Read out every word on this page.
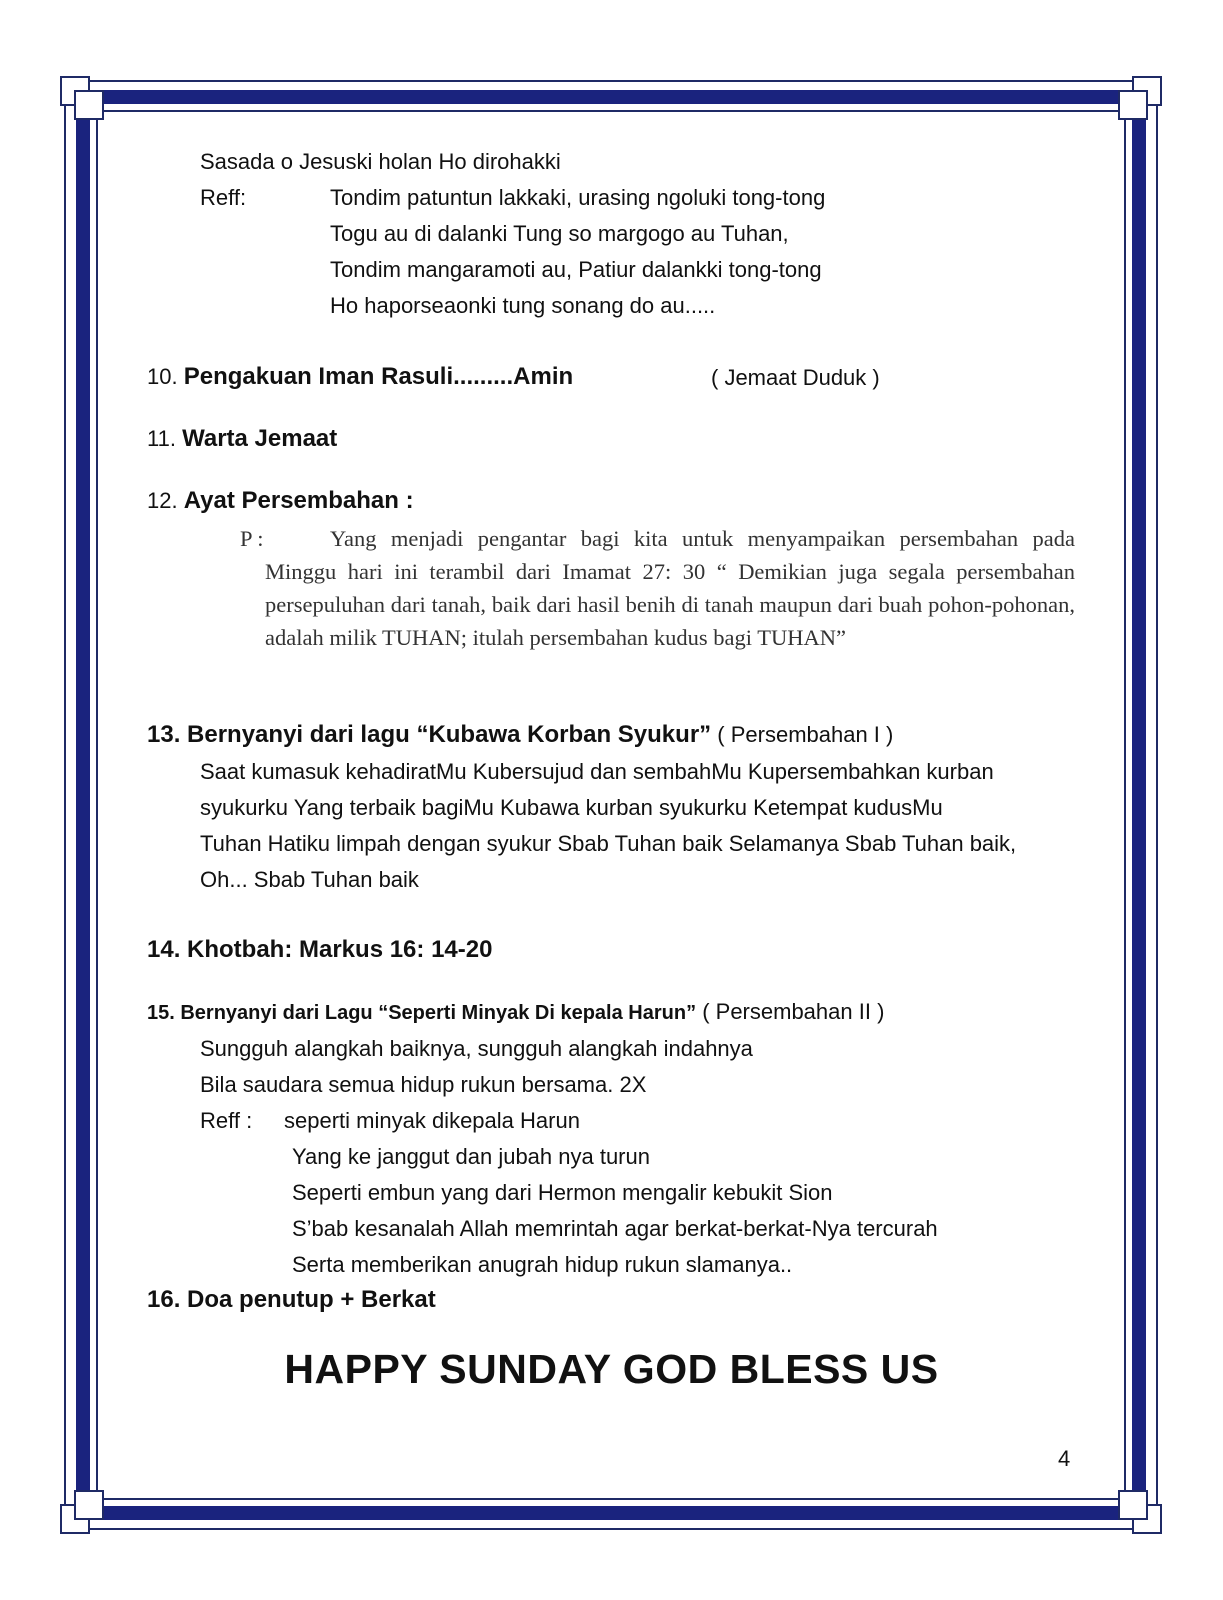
Sasada o Jesuski holan Ho dirohakki
Reff:	Tondim patuntun lakkaki, urasing ngoluki tong-tong
Togu au di dalanki Tung so margogo au Tuhan,
Tondim mangaramoti au, Patiur dalankki tong-tong
Ho haporseaonki tung sonang do au.....
10. Pengakuan Iman Rasuli.........Amin	( Jemaat Duduk )
11. Warta Jemaat
12. Ayat Persembahan :
P :	Yang menjadi pengantar bagi kita untuk menyampaikan persembahan pada Minggu hari ini terambil dari Imamat 27: 30 “ Demikian juga segala persembahan persepuluhan dari tanah, baik dari hasil benih di tanah maupun dari buah pohon-pohonan, adalah milik TUHAN; itulah persembahan kudus bagi TUHAN”
13. Bernyanyi dari lagu “Kubawa Korban Syukur” ( Persembahan I )
Saat kumasuk kehadiratMu Kubersujud dan sembahMu Kupersembahkan kurban
syukurku Yang terbaik bagiMu Kubawa kurban syukurku Ketempat kudusMu
Tuhan Hatiku limpah dengan syukur Sbab Tuhan baik Selamanya Sbab Tuhan baik,
Oh... Sbab Tuhan baik
14. Khotbah: Markus 16: 14-20
15. Bernyanyi dari Lagu “Seperti Minyak Di kepala Harun” ( Persembahan II )
Sungguh alangkah baiknya, sungguh alangkah indahnya
Bila saudara semua hidup rukun bersama. 2X
Reff : seperti minyak dikepala Harun
Yang ke janggut dan jubah nya turun
Seperti embun yang dari Hermon mengalir kebukit Sion
S’bab kesanalah Allah memrintah agar berkat-berkat-Nya tercurah
Serta memberikan anugrah hidup rukun slamanya..
16. Doa penutup + Berkat
HAPPY SUNDAY GOD BLESS US
4
